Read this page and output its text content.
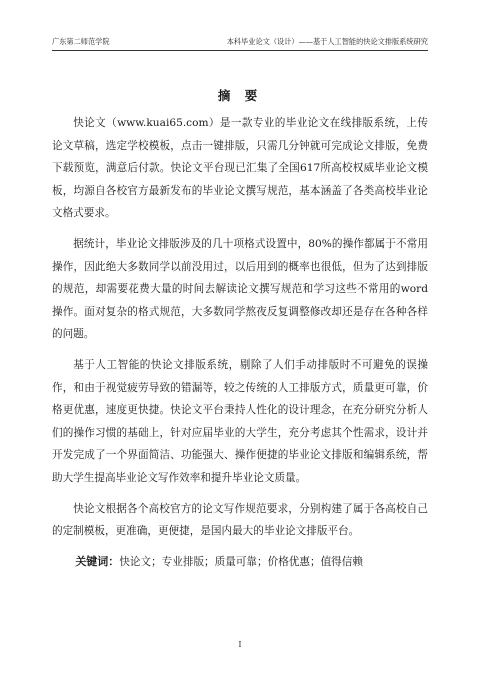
广东第二师范学院	本科毕业论文（设计）——基于人工智能的快论文排版系统研究
摘 要

快论文（www.kuai65.com）是一款专业的毕业论文在线排版系统，上传论文草稿，选定学校模板，点击一键排版，只需几分钟就可完成论文排版，免费下载预览，满意后付款。快论文平台现已汇集了全国617所高校权威毕业论文模板，均源自各校官方最新发布的毕业论文撰写规范，基本涵盖了各类高校毕业论文格式要求。

据统计，毕业论文排版涉及的几十项格式设置中，80%的操作都属于不常用操作，因此绝大多数同学以前没用过，以后用到的概率也很低，但为了达到排版的规范，却需要花费大量的时间去解读论文撰写规范和学习这些不常用的word操作。面对复杂的格式规范，大多数同学熬夜反复调整修改却还是存在各种各样的问题。

基于人工智能的快论文排版系统，剔除了人们手动排版时不可避免的误操作，和由于视觉疲劳导致的错漏等，较之传统的人工排版方式，质量更可靠，价格更优惠，速度更快捷。快论文平台秉持人性化的设计理念，在充分研究分析人们的操作习惯的基础上，针对应届毕业的大学生，充分考虑其个性需求，设计并开发完成了一个界面简洁、功能强大、操作便捷的毕业论文排版和编辑系统，帮助大学生提高毕业论文写作效率和提升毕业论文质量。

快论文根据各个高校官方的论文写作规范要求，分别构建了属于各高校自己的定制模板，更准确，更便捷，是国内最大的毕业论文排版平台。

关键词：快论文；专业排版；质量可靠；价格优惠；值得信赖

I
